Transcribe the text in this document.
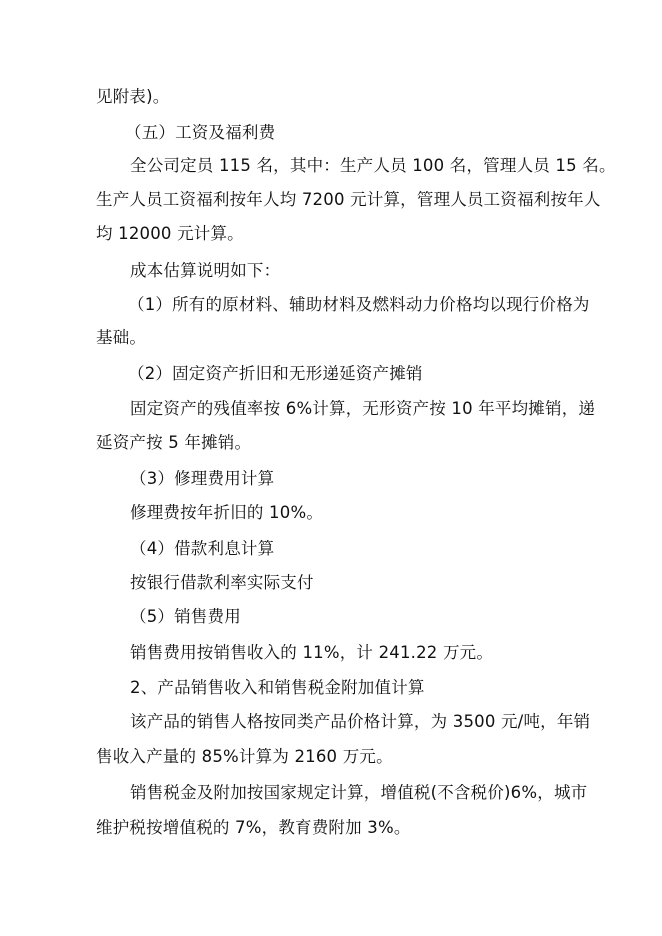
见附表)。
（五）工资及福利费
全公司定员 115 名，其中：生产人员 100 名，管理人员 15 名。
生产人员工资福利按年人均 7200 元计算，管理人员工资福利按年人
均 12000 元计算。
成本估算说明如下：
（1）所有的原材料、辅助材料及燃料动力价格均以现行价格为
基础。
（2）固定资产折旧和无形递延资产摊销
固定资产的残值率按 6%计算，无形资产按 10 年平均摊销，递
延资产按 5 年摊销。
（3）修理费用计算
修理费按年折旧的 10%。
（4）借款利息计算
按银行借款利率实际支付
（5）销售费用
销售费用按销售收入的 11%，计 241.22 万元。
2、产品销售收入和销售税金附加值计算
该产品的销售人格按同类产品价格计算，为 3500 元/吨，年销
售收入产量的 85%计算为 2160 万元。
销售税金及附加按国家规定计算，增值税(不含税价)6%，城市
维护税按增值税的 7%，教育费附加 3%。
